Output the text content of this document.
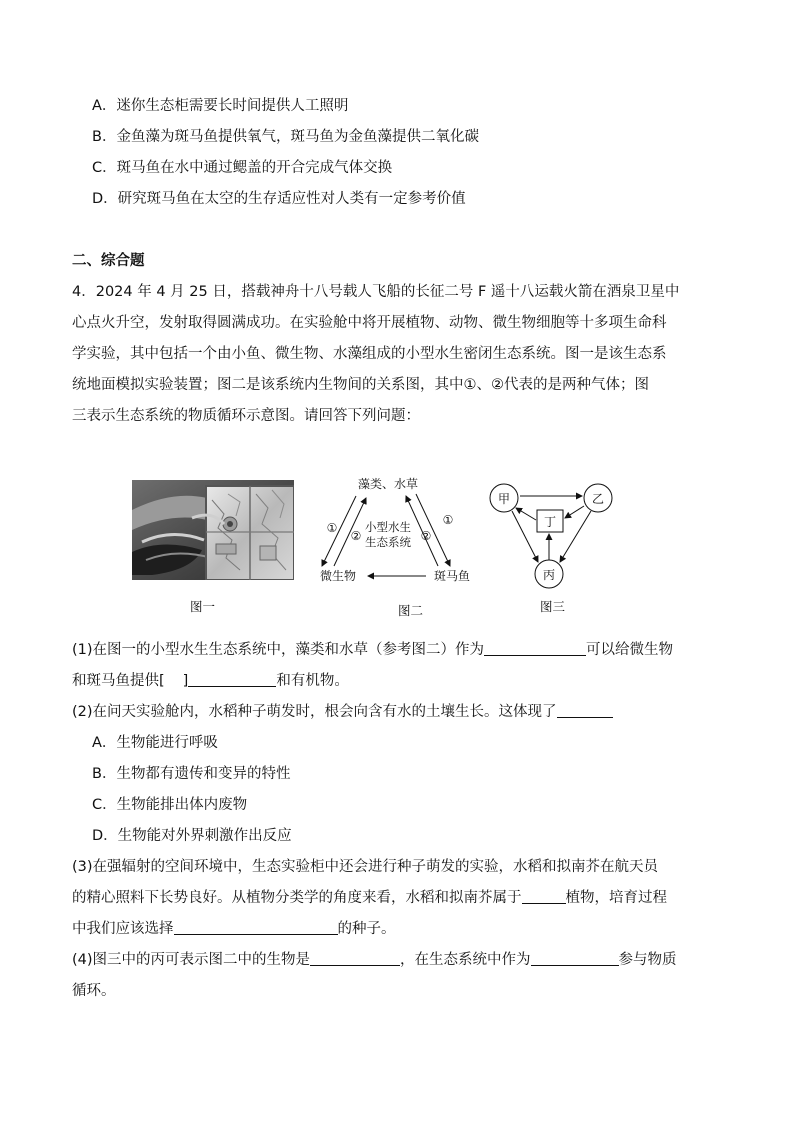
A．迷你生态柜需要长时间提供人工照明
B．金鱼藻为斑马鱼提供氧气，斑马鱼为金鱼藻提供二氧化碳
C．斑马鱼在水中通过鳃盖的开合完成气体交换
D．研究斑马鱼在太空的生存适应性对人类有一定参考价值
二、综合题
4．2024 年 4 月 25 日，搭载神舟十八号载人飞船的长征二号 F 遥十八运载火箭在酒泉卫星中
心点火升空，发射取得圆满成功。在实验舱中将开展植物、动物、微生物细胞等十多项生命科
学实验，其中包括一个由小鱼、微生物、水藻组成的小型水生密闭生态系统。图一是该生态系
统地面模拟实验装置；图二是该系统内生物间的关系图，其中①、②代表的是两种气体；图
三表示生态系统的物质循环示意图。请回答下列问题：
图一
藻类、水草
微生物	斑马鱼
小型水生
生态系统
①
②
①
②
图二
甲	乙
丙
丁
图三
(1)在图一的小型水生生态系统中，藻类和水草（参考图二）作为	可以给微生物
和斑马鱼提供[ ]	和有机物。
(2)在问天实验舱内，水稻种子萌发时，根会向含有水的土壤生长。这体现了
A．生物能进行呼吸
B．生物都有遗传和变异的特性
C．生物能排出体内废物
D．生物能对外界刺激作出反应
(3)在强辐射的空间环境中，生态实验柜中还会进行种子萌发的实验，水稻和拟南芥在航天员
的精心照料下长势良好。从植物分类学的角度来看，水稻和拟南芥属于	植物，培育过程
中我们应该选择	的种子。
(4)图三中的丙可表示图二中的生物是	，在生态系统中作为	参与物质
循环。
